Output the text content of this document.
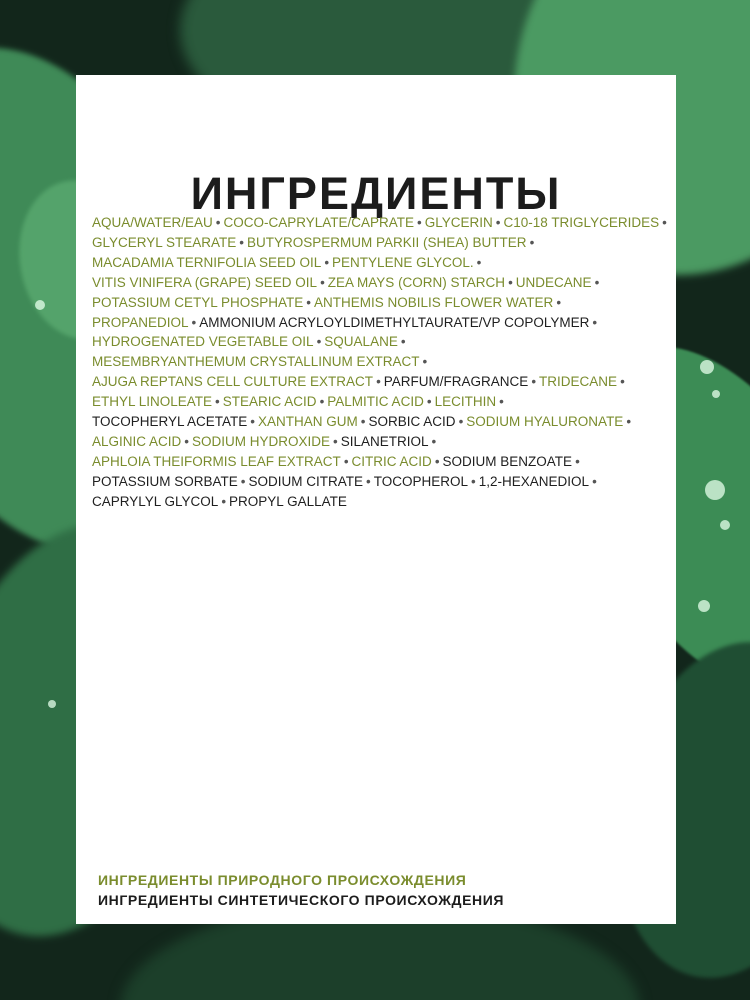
ИНГРЕДИЕНТЫ
AQUA/WATER/EAU • COCO-CAPRYLATE/CAPRATE • GLYCERIN • C10-18 TRIGLYCERIDES •
GLYCERYL STEARATE • BUTYROSPERMUM PARKII (SHEA) BUTTER •
MACADAMIA TERNIFOLIA SEED OIL • PENTYLENE GLYCOL. •
VITIS VINIFERA (GRAPE) SEED OIL • ZEA MAYS (CORN) STARCH • UNDECANE •
POTASSIUM CETYL PHOSPHATE • ANTHEMIS NOBILIS FLOWER WATER •
PROPANEDIOL • AMMONIUM ACRYLOYLDIMETHYLTAURATE/VP COPOLYMER •
HYDROGENATED VEGETABLE OIL • SQUALANE •
MESEMBRYANTHEMUM CRYSTALLINUM EXTRACT •
AJUGA REPTANS CELL CULTURE EXTRACT • PARFUM/FRAGRANCE • TRIDECANE •
ETHYL LINOLEATE • STEARIC ACID • PALMITIC ACID • LECITHIN •
TOCOPHERYL ACETATE • XANTHAN GUM • SORBIC ACID • SODIUM HYALURONATE •
ALGINIC ACID • SODIUM HYDROXIDE • SILANETRIOL •
APHLOIA THEIFORMIS LEAF EXTRACT • CITRIC ACID • SODIUM BENZOATE •
POTASSIUM SORBATE • SODIUM CITRATE • TOCOPHEROL • 1,2-HEXANEDIOL •
CAPRYLYL GLYCOL • PROPYL GALLATE
ИНГРЕДИЕНТЫ ПРИРОДНОГО ПРОИСХОЖДЕНИЯ
ИНГРЕДИЕНТЫ СИНТЕТИЧЕСКОГО ПРОИСХОЖДЕНИЯ
